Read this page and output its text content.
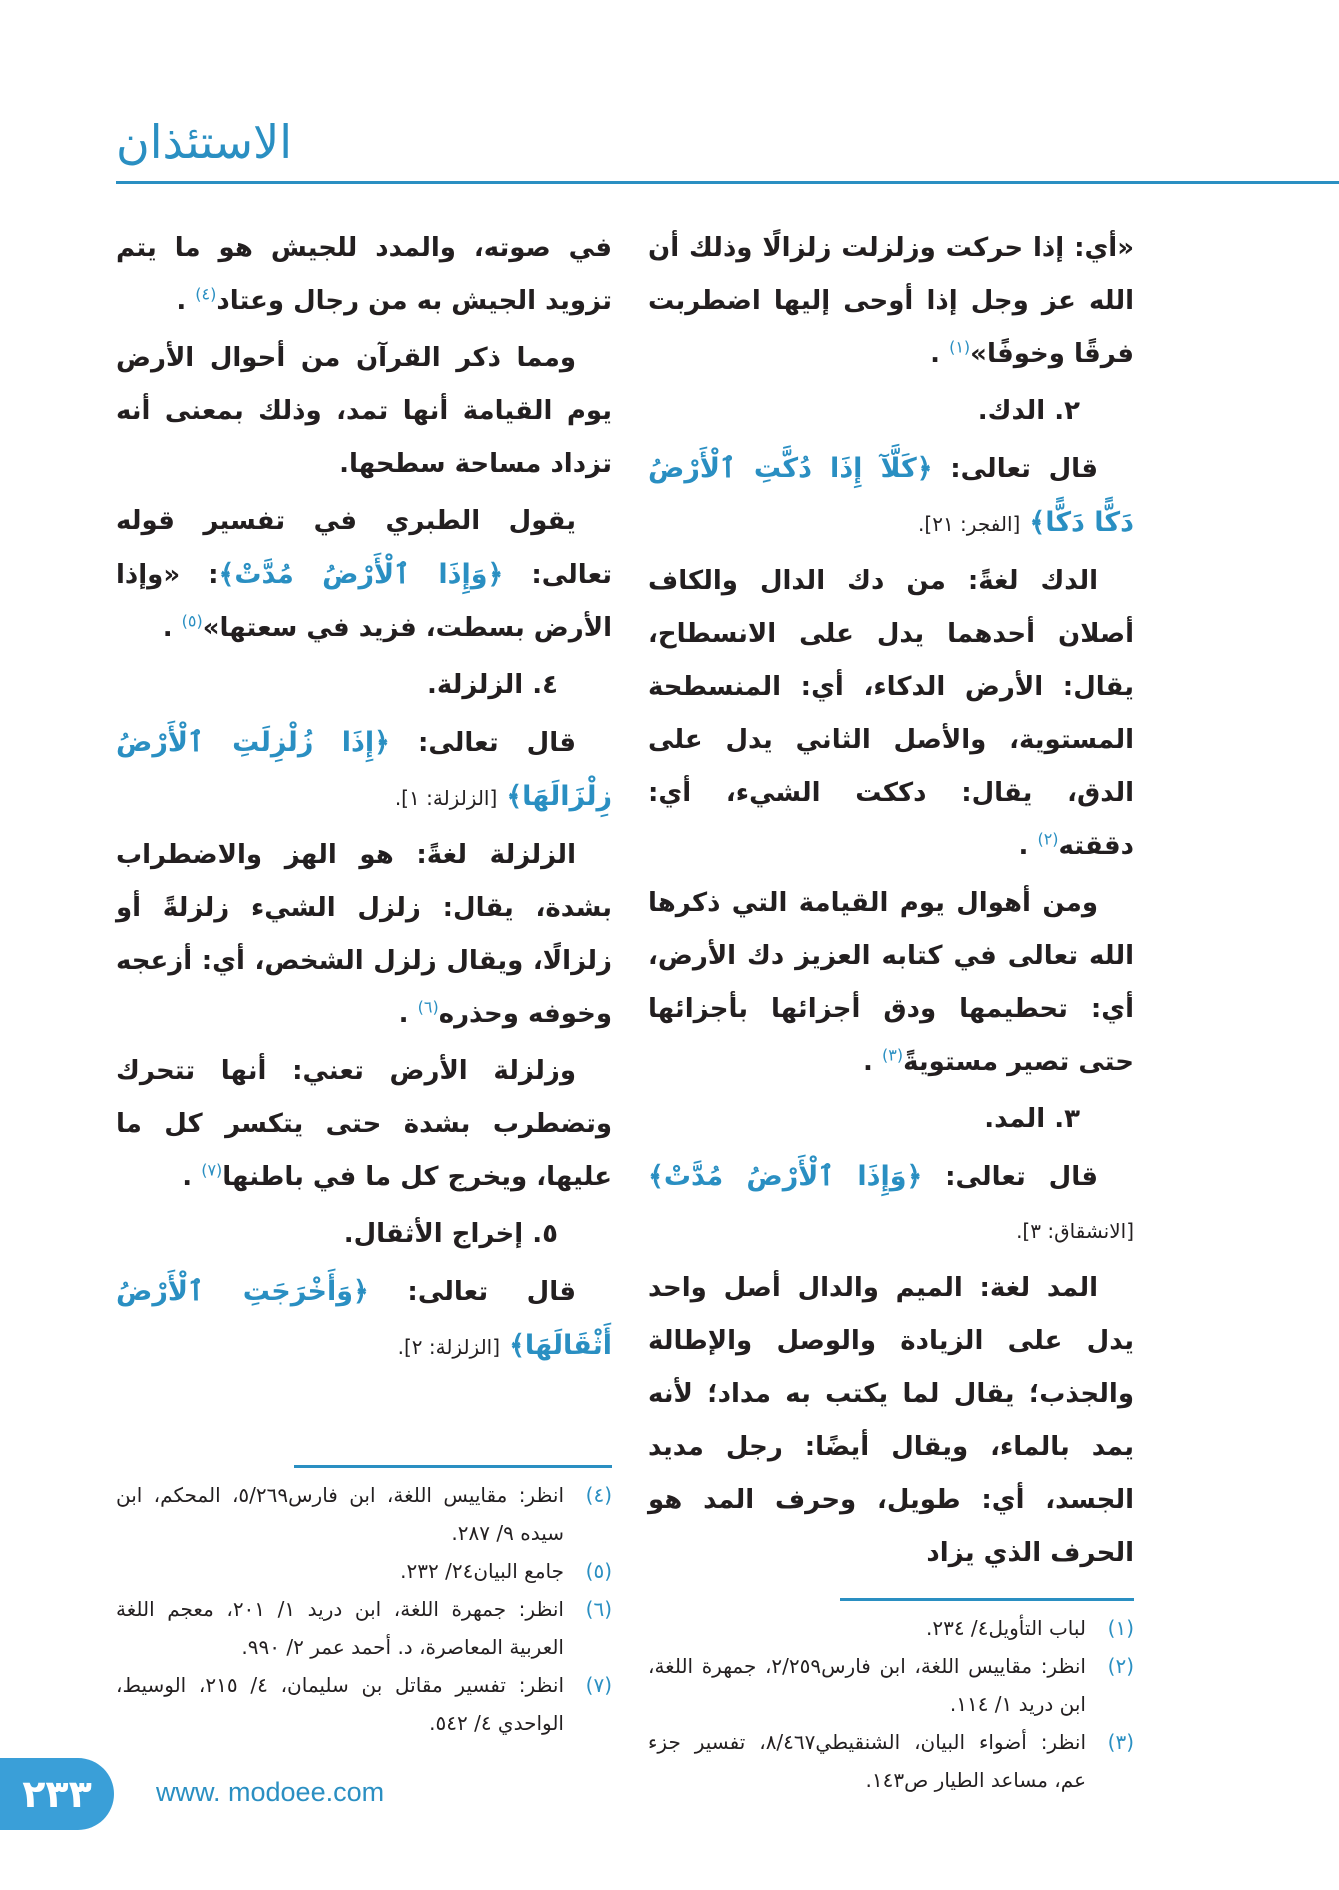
الاستئذان

«أي: إذا حركت وزلزلت زلزالًا وذلك أن الله عز وجل إذا أوحى إليها اضطربت فرقًا وخوفًا»$^{(١)}$ .

٢. الدك.

قال تعالى: ﴿كَلَّآ إِذَا دُكَّتِ ٱلْأَرْضُ دَكًّا دَكًّا﴾ [الفجر: ٢١].

الدك لغةً: من دك الدال والكاف أصلان أحدهما يدل على الانسطاح، يقال: الأرض الدكاء، أي: المنسطحة المستوية، والأصل الثاني يدل على الدق، يقال: دككت الشيء، أي: دققته$^{(٢)}$ .

ومن أهوال يوم القيامة التي ذكرها الله تعالى في كتابه العزيز دك الأرض، أي: تحطيمها ودق أجزائها بأجزائها حتى تصير مستويةً$^{(٣)}$ .

٣. المد.

قال تعالى: ﴿وَإِذَا ٱلْأَرْضُ مُدَّتْ﴾ [الانشقاق: ٣].

المد لغة: الميم والدال أصل واحد يدل على الزيادة والوصل والإطالة والجذب؛ يقال لما يكتب به مداد؛ لأنه يمد بالماء، ويقال أيضًا: رجل مديد الجسد، أي: طويل، وحرف المد هو الحرف الذي يزاد

(١)
لباب التأويل٤/ ٢٣٤.
(٢)
انظر: مقاييس اللغة، ابن فارس٢/٢٥٩، جمهرة اللغة، ابن دريد ١/ ١١٤.
(٣)
انظر: أضواء البيان، الشنقيطي٨/٤٦٧، تفسير جزء عم، مساعد الطيار ص١٤٣.

في صوته، والمدد للجيش هو ما يتم تزويد الجيش به من رجال وعتاد$^{(٤)}$ .

ومما ذكر القرآن من أحوال الأرض يوم القيامة أنها تمد، وذلك بمعنى أنه تزداد مساحة سطحها.

يقول الطبري في تفسير قوله تعالى: ﴿وَإِذَا ٱلْأَرْضُ مُدَّتْ﴾: «وإذا الأرض بسطت، فزيد في سعتها»$^{(٥)}$ .

٤. الزلزلة.

قال تعالى: ﴿إِذَا زُلْزِلَتِ ٱلْأَرْضُ زِلْزَالَهَا﴾ [الزلزلة: ١].

الزلزلة لغةً: هو الهز والاضطراب بشدة، يقال: زلزل الشيء زلزلةً أو زلزالًا، ويقال زلزل الشخص، أي: أزعجه وخوفه وحذره$^{(٦)}$ .

وزلزلة الأرض تعني: أنها تتحرك وتضطرب بشدة حتى يتكسر كل ما عليها، ويخرج كل ما في باطنها$^{(٧)}$ .

٥. إخراج الأثقال.

قال تعالى: ﴿وَأَخْرَجَتِ ٱلْأَرْضُ أَثْقَالَهَا﴾ [الزلزلة: ٢].

(٤)
انظر: مقاييس اللغة، ابن فارس٥/٢٦٩، المحكم، ابن سيده ٩/ ٢٨٧.
(٥)
جامع البيان٢٤/ ٢٣٢.
(٦)
انظر: جمهرة اللغة، ابن دريد ١/ ٢٠١، معجم اللغة العربية المعاصرة، د. أحمد عمر ٢/ ٩٩٠.
(٧)
انظر: تفسير مقاتل بن سليمان، ٤/ ٢١٥، الوسيط، الواحدي ٤/ ٥٤٢.
٢٣٣ www. modoee.com
